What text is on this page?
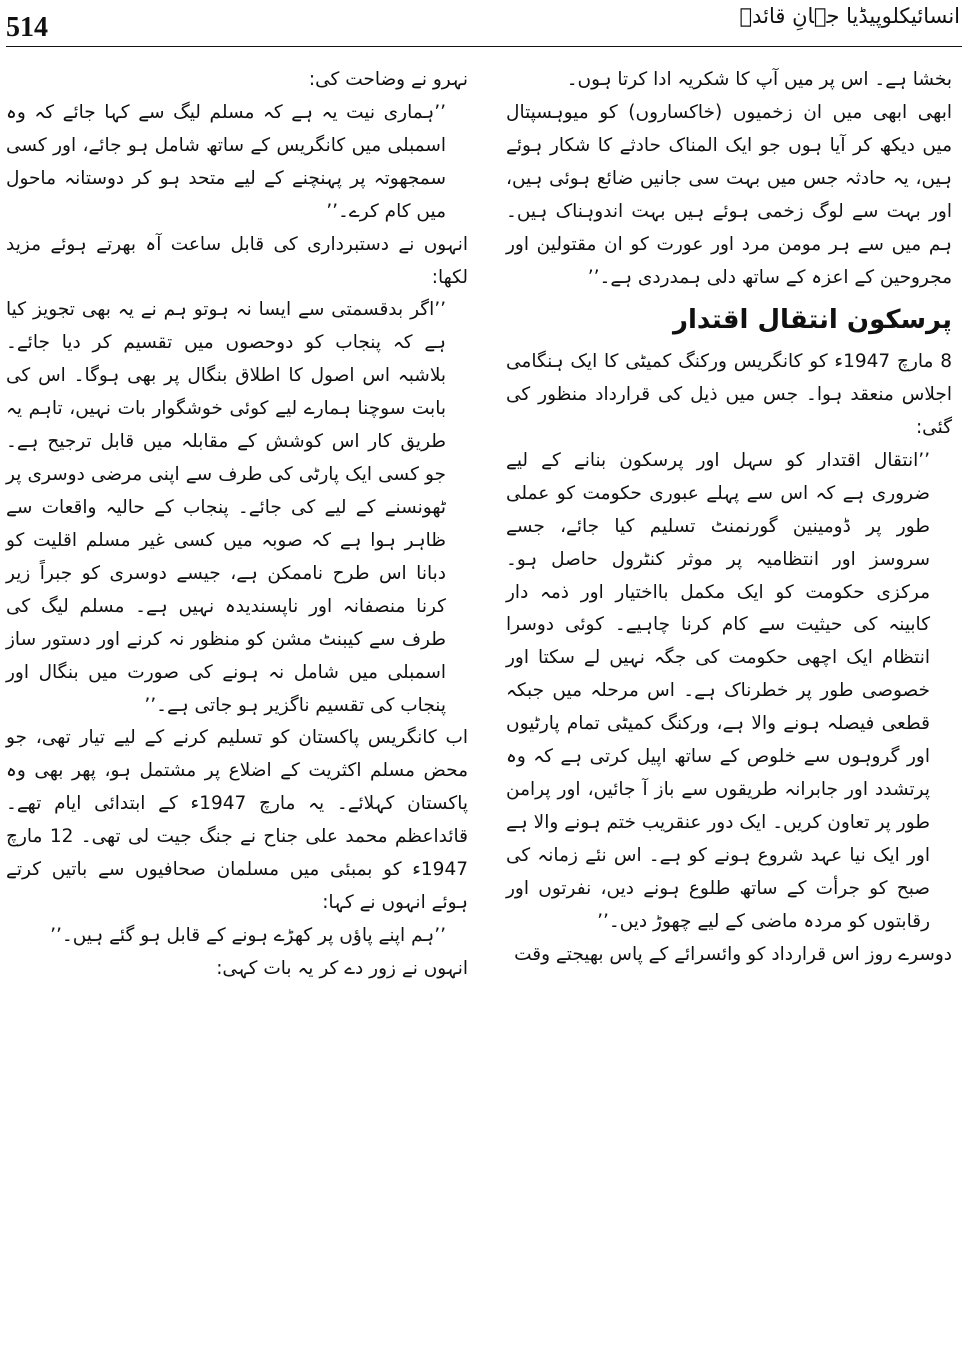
514	انسائیکلوپیڈیا جہانِ قائدؒ

بخشا ہے۔ اس پر میں آپ کا شکریہ ادا کرتا ہوں۔

ابھی ابھی میں ان زخمیوں (خاکساروں) کو میوہسپتال میں دیکھ کر آیا ہوں جو ایک المناک حادثے کا شکار ہوئے ہیں، یہ حادثہ جس میں بہت سی جانیں ضائع ہوئی ہیں، اور بہت سے لوگ زخمی ہوئے ہیں بہت اندوہناک ہیں۔ ہم میں سے ہر مومن مرد اور عورت کو ان مقتولین اور مجروحین کے اعزہ کے ساتھ دلی ہمدردی ہے۔’’

پرسکون انتقال اقتدار

8 مارچ 1947ء کو کانگریس ورکنگ کمیٹی کا ایک ہنگامی اجلاس منعقد ہوا۔ جس میں ذیل کی قرارداد منظور کی گئی:

’’انتقال اقتدار کو سہل اور پرسکون بنانے کے لیے ضروری ہے کہ اس سے پہلے عبوری حکومت کو عملی طور پر ڈومینین گورنمنٹ تسلیم کیا جائے، جسے سروسز اور انتظامیہ پر موثر کنٹرول حاصل ہو۔ مرکزی حکومت کو ایک مکمل بااختیار اور ذمہ دار کابینہ کی حیثیت سے کام کرنا چاہیے۔ کوئی دوسرا انتظام ایک اچھی حکومت کی جگہ نہیں لے سکتا اور خصوصی طور پر خطرناک ہے۔ اس مرحلہ میں جبکہ قطعی فیصلہ ہونے والا ہے، ورکنگ کمیٹی تمام پارٹیوں اور گروہوں سے خلوص کے ساتھ اپیل کرتی ہے کہ وہ پرتشدد اور جابرانہ طریقوں سے باز آ جائیں، اور پرامن طور پر تعاون کریں۔ ایک دور عنقریب ختم ہونے والا ہے اور ایک نیا عہد شروع ہونے کو ہے۔ اس نئے زمانہ کی صبح کو جرأت کے ساتھ طلوع ہونے دیں، نفرتوں اور رقابتوں کو مردہ ماضی کے لیے چھوڑ دیں۔’’

دوسرے روز اس قرارداد کو وائسرائے کے پاس بھیجتے وقت

نہرو نے وضاحت کی:

’’ہماری نیت یہ ہے کہ مسلم لیگ سے کہا جائے کہ وہ اسمبلی میں کانگریس کے ساتھ شامل ہو جائے، اور کسی سمجھوتہ پر پہنچنے کے لیے متحد ہو کر دوستانہ ماحول میں کام کرے۔’’

انہوں نے دستبرداری کی قابل ساعت آہ بھرتے ہوئے مزید لکھا:

’’اگر بدقسمتی سے ایسا نہ ہوتو ہم نے یہ بھی تجویز کیا ہے کہ پنجاب کو دوحصوں میں تقسیم کر دیا جائے۔ بلاشبہ اس اصول کا اطلاق بنگال پر بھی ہوگا۔ اس کی بابت سوچنا ہمارے لیے کوئی خوشگوار بات نہیں، تاہم یہ طریق کار اس کوشش کے مقابلہ میں قابل ترجیح ہے۔ جو کسی ایک پارٹی کی طرف سے اپنی مرضی دوسری پر ٹھونسنے کے لیے کی جائے۔ پنجاب کے حالیہ واقعات سے ظاہر ہوا ہے کہ صوبہ میں کسی غیر مسلم اقلیت کو دبانا اس طرح ناممکن ہے، جیسے دوسری کو جبراً زیر کرنا منصفانہ اور ناپسندیدہ نہیں ہے۔ مسلم لیگ کی طرف سے کیبنٹ مشن کو منظور نہ کرنے اور دستور ساز اسمبلی میں شامل نہ ہونے کی صورت میں بنگال اور پنجاب کی تقسیم ناگزیر ہو جاتی ہے۔’’

اب کانگریس پاکستان کو تسلیم کرنے کے لیے تیار تھی، جو محض مسلم اکثریت کے اضلاع پر مشتمل ہو، پھر بھی وہ پاکستان کہلائے۔ یہ مارچ 1947ء کے ابتدائی ایام تھے۔ قائداعظم محمد علی جناح نے جنگ جیت لی تھی۔ 12 مارچ 1947ء کو بمبئی میں مسلمان صحافیوں سے باتیں کرتے ہوئے انہوں نے کہا:

’’ہم اپنے پاؤں پر کھڑے ہونے کے قابل ہو گئے ہیں۔’’

انہوں نے زور دے کر یہ بات کہی:
